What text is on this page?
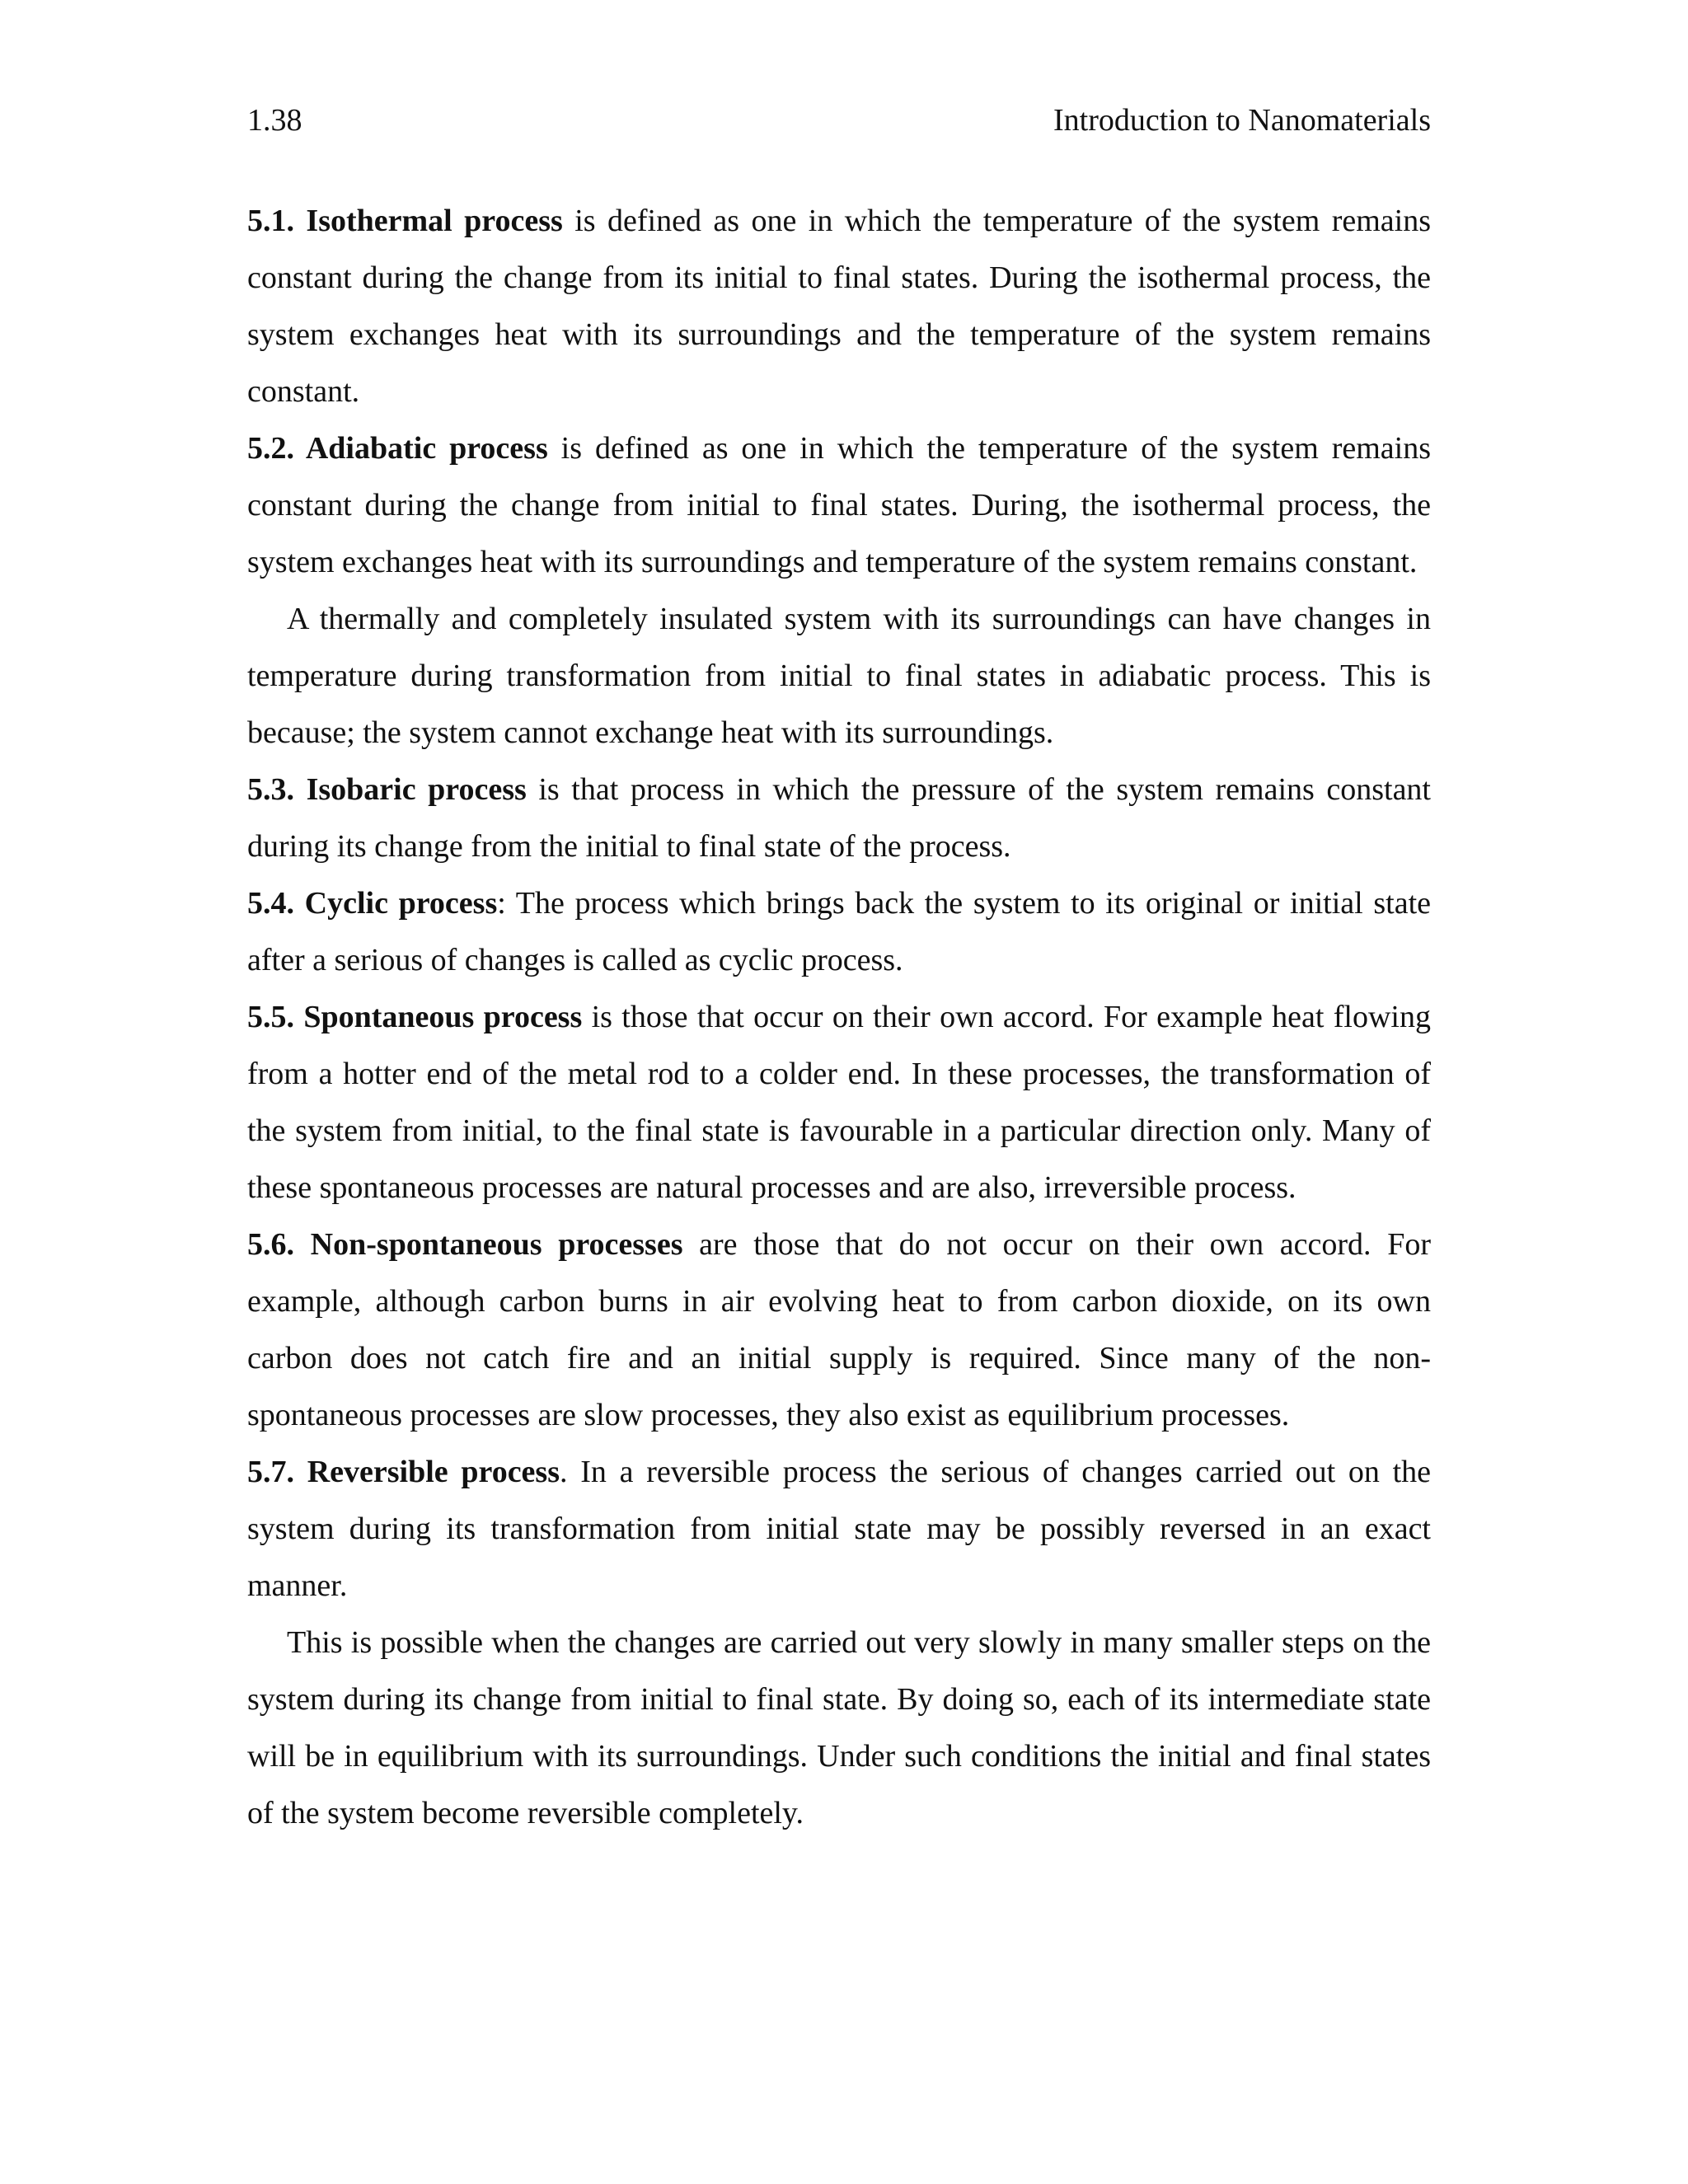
1.38	Introduction to Nanomaterials

5.1. Isothermal process is defined as one in which the temperature of the system remains constant during the change from its initial to final states. During the isothermal process, the system exchanges heat with its surroundings and the temperature of the system remains constant.

5.2. Adiabatic process is defined as one in which the temperature of the system remains constant during the change from initial to final states. During, the isothermal process, the system exchanges heat with its surroundings and temperature of the system remains constant.

A thermally and completely insulated system with its surroundings can have changes in temperature during transformation from initial to final states in adiabatic process. This is because; the system cannot exchange heat with its surroundings.

5.3. Isobaric process is that process in which the pressure of the system remains constant during its change from the initial to final state of the process.

5.4. Cyclic process: The process which brings back the system to its original or initial state after a serious of changes is called as cyclic process.

5.5. Spontaneous process is those that occur on their own accord. For example heat flowing from a hotter end of the metal rod to a colder end. In these processes, the transformation of the system from initial, to the final state is favourable in a particular direction only. Many of these spontaneous processes are natural processes and are also, irreversible process.

5.6. Non-spontaneous processes are those that do not occur on their own accord. For example, although carbon burns in air evolving heat to from carbon dioxide, on its own carbon does not catch fire and an initial supply is required. Since many of the non-spontaneous processes are slow processes, they also exist as equilibrium processes.

5.7. Reversible process. In a reversible process the serious of changes carried out on the system during its transformation from initial state may be possibly reversed in an exact manner.

This is possible when the changes are carried out very slowly in many smaller steps on the system during its change from initial to final state. By doing so, each of its intermediate state will be in equilibrium with its surroundings. Under such conditions the initial and final states of the system become reversible completely.
